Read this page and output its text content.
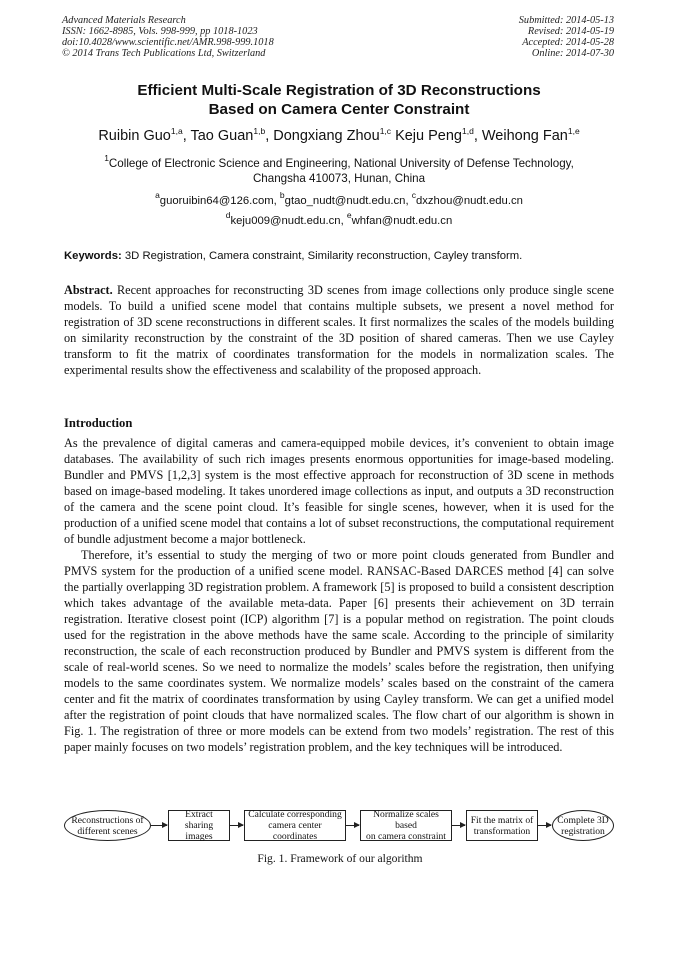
Advanced Materials Research
ISSN: 1662-8985, Vols. 998-999, pp 1018-1023
doi:10.4028/www.scientific.net/AMR.998-999.1018
© 2014 Trans Tech Publications Ltd, Switzerland
Submitted: 2014-05-13
Revised: 2014-05-19
Accepted: 2014-05-28
Online: 2014-07-30
Efficient Multi-Scale Registration of 3D Reconstructions
Based on Camera Center Constraint
Ruibin Guo$^{1,a}$, Tao Guan$^{1,b}$, Dongxiang Zhou$^{1,c}$ Keju Peng$^{1,d}$, Weihong Fan$^{1,e}$
$^1$College of Electronic Science and Engineering, National University of Defense Technology,
Changsha 410073, Hunan, China
$^a$guoruibin64@126.com, $^b$gtao_nudt@nudt.edu.cn, $^c$dxzhou@nudt.edu.cn
$^d$keju009@nudt.edu.cn, $^e$whfan@nudt.edu.cn
Keywords: 3D Registration, Camera constraint, Similarity reconstruction, Cayley transform.
Abstract. Recent approaches for reconstructing 3D scenes from image collections only produce single scene models. To build a unified scene model that contains multiple subsets, we present a novel method for registration of 3D scene reconstructions in different scales. It first normalizes the scales of the models building on similarity reconstruction by the constraint of the 3D position of shared cameras. Then we use Cayley transform to fit the matrix of coordinates transformation for the models in normalization scales. The experimental results show the effectiveness and scalability of the proposed approach.
Introduction

As the prevalence of digital cameras and camera-equipped mobile devices, it’s convenient to obtain image databases. The availability of such rich images presents enormous opportunities for image-based modeling. Bundler and PMVS [1,2,3] system is the most effective approach for reconstruction of 3D scene in methods based on image-based modeling. It takes unordered image collections as input, and outputs a 3D reconstruction of the camera and the scene point cloud. It’s feasible for single scenes, however, when it is used for the production of a unified scene model that contains a lot of subset reconstructions, the computational requirement of bundle adjustment become a major bottleneck.

Therefore, it’s essential to study the merging of two or more point clouds generated from Bundler and PMVS system for the production of a unified scene model. RANSAC-Based DARCES method [4] can solve the partially overlapping 3D registration problem. A framework [5] is proposed to build a consistent description which takes advantage of the available meta-data. Paper [6] presents their achievement on 3D terrain registration. Iterative closest point (ICP) algorithm [7] is a popular method on registration. The point clouds used for the registration in the above methods have the same scale. According to the principle of similarity reconstruction, the scale of each reconstruction produced by Bundler and PMVS system is different from the scale of real-world scenes. So we need to normalize the models’ scales before the registration, then unifying models to the same coordinates system. We normalize models’ scales based on the constraint of the camera center and fit the matrix of coordinates transformation by using Cayley transform. We can get a unified model after the registration of point clouds that have normalized scales. The flow chart of our algorithm is shown in Fig. 1. The registration of three or more models can be extend from two models’ registration. The rest of this paper mainly focuses on two models’ registration problem, and the key techniques will be introduced.

Reconstructions of
different scenes
Extract sharing
images
Calculate corresponding
camera center coordinates
Normalize scales based
on camera constraint
Fit the matrix of
transformation
Complete 3D
registration
Fig. 1. Framework of our algorithm
